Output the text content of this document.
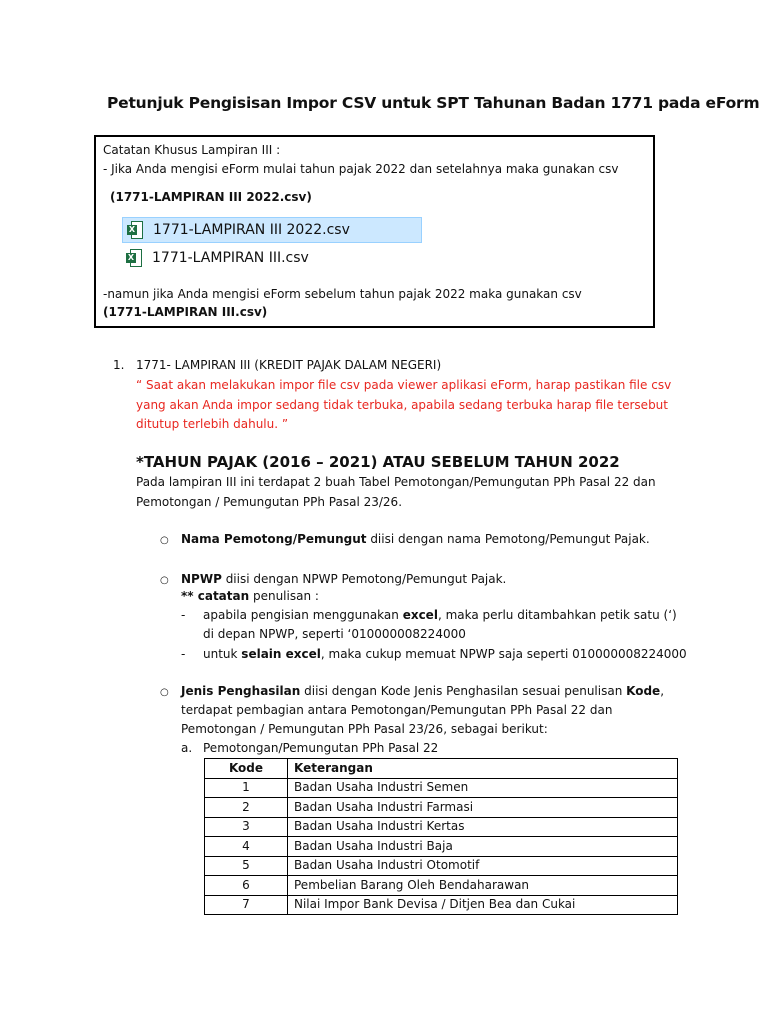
Petunjuk Pengisisan Impor CSV untuk SPT Tahunan Badan 1771 pada eForm
Catatan Khusus Lampiran III :
- Jika Anda mengisi eForm mulai tahun pajak 2022 dan setelahnya maka gunakan csv
(1771-LAMPIRAN III 2022.csv)
X 1771-LAMPIRAN III 2022.csv
X 1771-LAMPIRAN III.csv
-namun jika Anda mengisi eForm sebelum tahun pajak 2022 maka gunakan csv
(1771-LAMPIRAN III.csv)
1. 1771- LAMPIRAN III (KREDIT PAJAK DALAM NEGERI)
“ Saat akan melakukan impor file csv pada viewer aplikasi eForm, harap pastikan file csv
yang akan Anda impor sedang tidak terbuka, apabila sedang terbuka harap file tersebut
ditutup terlebih dahulu. ”
*TAHUN PAJAK (2016 – 2021) ATAU SEBELUM TAHUN 2022
Pada lampiran III ini terdapat 2 buah Tabel Pemotongan/Pemungutan PPh Pasal 22 dan
Pemotongan / Pemungutan PPh Pasal 23/26.
○ Nama Pemotong/Pemungut diisi dengan nama Pemotong/Pemungut Pajak.
○ NPWP diisi dengan NPWP Pemotong/Pemungut Pajak.
** catatan penulisan :
- apabila pengisian menggunakan excel, maka perlu ditambahkan petik satu (‘)
di depan NPWP, seperti ‘010000008224000
- untuk selain excel, maka cukup memuat NPWP saja seperti 010000008224000
○ Jenis Penghasilan diisi dengan Kode Jenis Penghasilan sesuai penulisan Kode,
terdapat pembagian antara Pemotongan/Pemungutan PPh Pasal 22 dan
Pemotongan / Pemungutan PPh Pasal 23/26, sebagai berikut:
a. Pemotongan/Pemungutan PPh Pasal 22
Kode	Keterangan
1	Badan Usaha Industri Semen
2	Badan Usaha Industri Farmasi
3	Badan Usaha Industri Kertas
4	Badan Usaha Industri Baja
5	Badan Usaha Industri Otomotif
6	Pembelian Barang Oleh Bendaharawan
7	Nilai Impor Bank Devisa / Ditjen Bea dan Cukai
